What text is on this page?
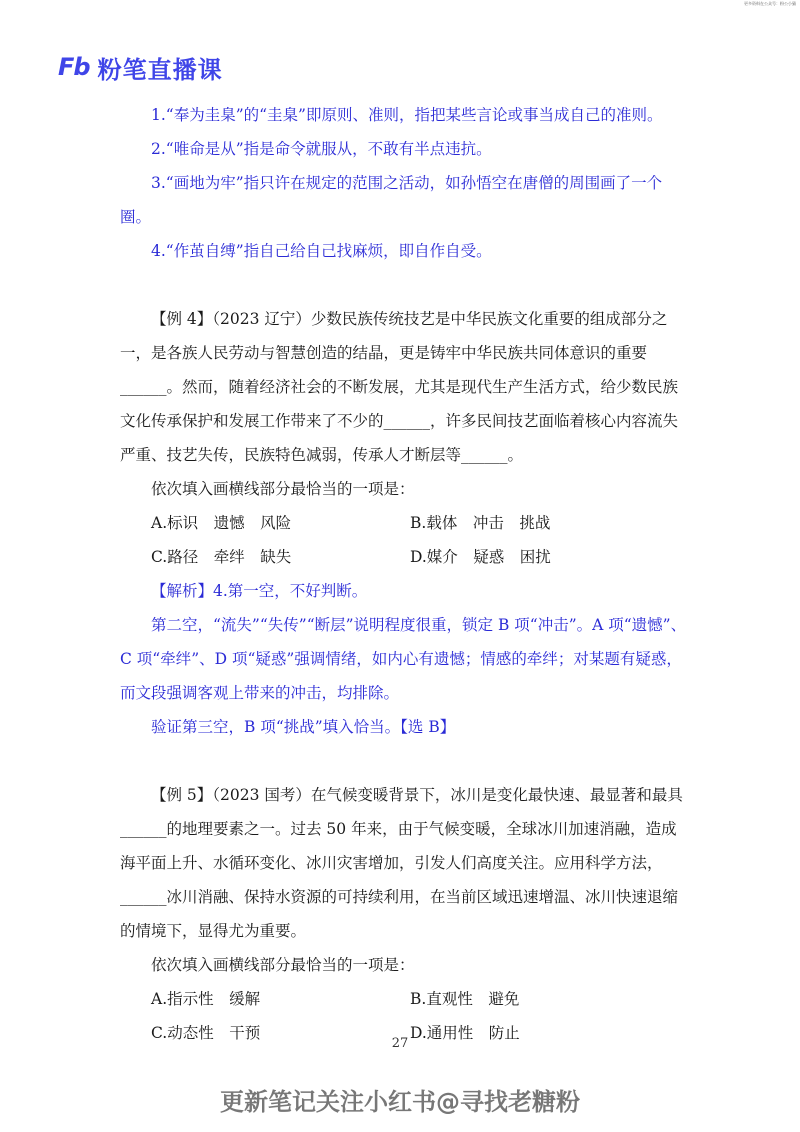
更多资料在公众号：粉公小猫
Fb 粉笔直播课

1.“奉为圭臬”的“圭臬”即原则、准则，指把某些言论或事当成自己的准则。

2.“唯命是从”指是命令就服从，不敢有半点违抗。

3.“画地为牢”指只许在规定的范围之活动，如孙悟空在唐僧的周围画了一个圈。

4.“作茧自缚”指自己给自己找麻烦，即自作自受。

【例 4】（2023 辽宁）少数民族传统技艺是中华民族文化重要的组成部分之一，是各族人民劳动与智慧创造的结晶，更是铸牢中华民族共同体意识的重要______。然而，随着经济社会的不断发展，尤其是现代生产生活方式，给少数民族文化传承保护和发展工作带来了不少的______，许多民间技艺面临着核心内容流失严重、技艺失传，民族特色减弱，传承人才断层等______。

依次填入画横线部分最恰当的一项是：

A.标识　遗憾　风险	B.载体　冲击　挑战
C.路径　牵绊　缺失	D.媒介　疑惑　困扰

【解析】4.第一空，不好判断。

第二空，“流失”“失传”“断层”说明程度很重，锁定 B 项“冲击”。A 项“遗憾”、C 项“牵绊”、D 项“疑惑”强调情绪，如内心有遗憾；情感的牵绊；对某题有疑惑，而文段强调客观上带来的冲击，均排除。

验证第三空，B 项“挑战”填入恰当。【选 B】

【例 5】（2023 国考）在气候变暖背景下，冰川是变化最快速、最显著和最具______的地理要素之一。过去 50 年来，由于气候变暖，全球冰川加速消融，造成海平面上升、水循环变化、冰川灾害增加，引发人们高度关注。应用科学方法，______冰川消融、保持水资源的可持续利用，在当前区域迅速增温、冰川快速退缩的情境下，显得尤为重要。

依次填入画横线部分最恰当的一项是：

A.指示性　缓解	B.直观性　避免
C.动态性　干预	D.通用性　防止
27
更新笔记关注小红书@寻找老糖粉
